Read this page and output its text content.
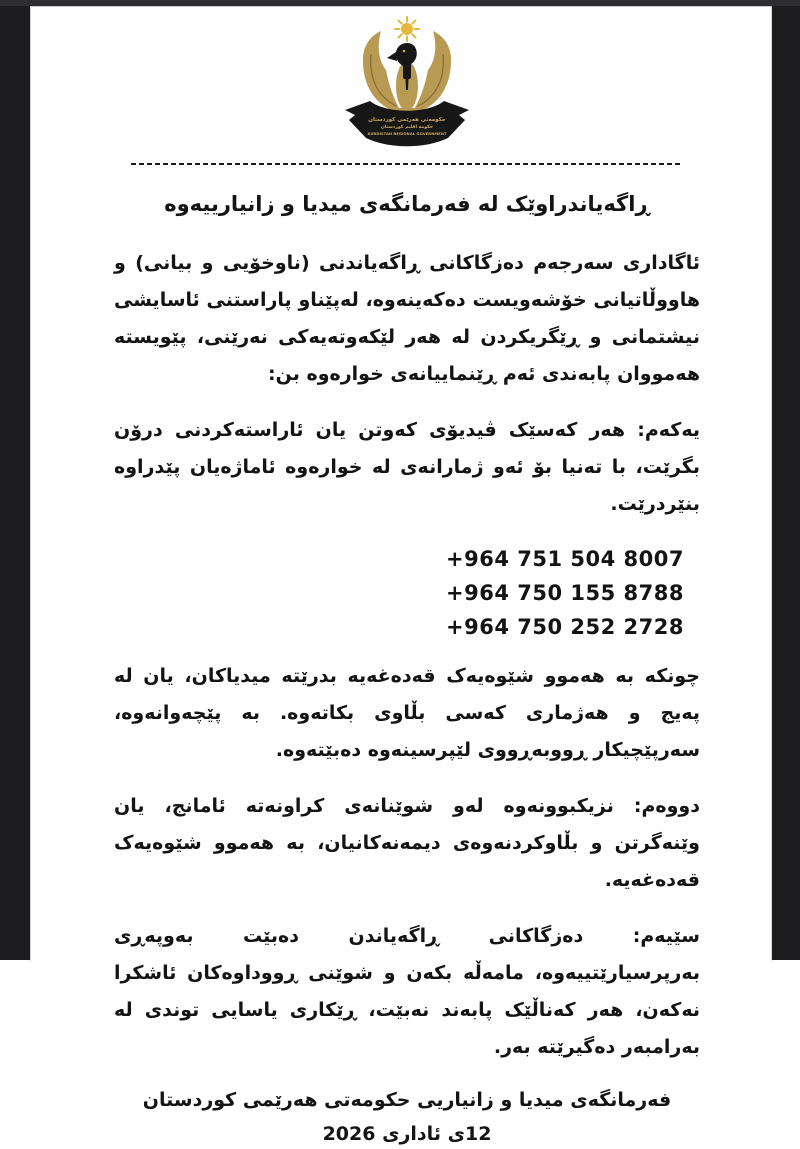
حکومەتی هەرێمی کوردستان
حکومة اقلیم کوردستان
KURDISTAN REGIONAL GOVERNMENT
ڕاگەیاندراوێک لە فەرمانگەی میدیا و زانیارییەوە

ئاگاداری سەرجەم دەزگاکانی ڕاگەیاندنی (ناوخۆیی و بیانی) و هاووڵاتیانی خۆشەویست دەکەینەوە، لەپێناو پاراستنی ئاسایشی نیشتمانی و ڕێگریکردن لە هەر لێکەوتەیەکی نەرێنی، پێویستە هەمووان پابەندی ئەم ڕێنماییانەی خوارەوە بن:

یەکەم: هەر کەسێک ڤیدیۆی کەوتن یان ئاراستەکردنی درۆن بگرێت، با تەنیا بۆ ئەو ژمارانەی لە خوارەوە ئاماژەیان پێدراوە بنێردرێت.

+964 751 504 8007
+964 750 155 8788
+964 750 252 2728

چونکە بە هەموو شێوەیەک قەدەغەیە بدرێتە میدیاکان، یان لە پەیج و هەژماری کەسی بڵاوی بکاتەوە. بە پێچەوانەوە، سەرپێچیکار ڕووبەڕووی لێپرسینەوە دەبێتەوە.

دووەم: نزیکبوونەوە لەو شوێنانەی کراونەتە ئامانج، یان وێنەگرتن و بڵاوکردنەوەی دیمەنەکانیان، بە هەموو شێوەیەک قەدەغەیە.

سێیەم: دەزگاکانی ڕاگەیاندن دەبێت بەوپەڕی بەرپرسیارێتییەوە، مامەڵە بکەن و شوێنی ڕووداوەکان ئاشکرا نەکەن، هەر کەناڵێک پابەند نەبێت، ڕێکاری یاسایی توندی لە بەرامبەر دەگیرێتە بەر.

فەرمانگەی میدیا و زانیاریی حکومەتی هەرێمی کوردستان
12ی ئاداری 2026
